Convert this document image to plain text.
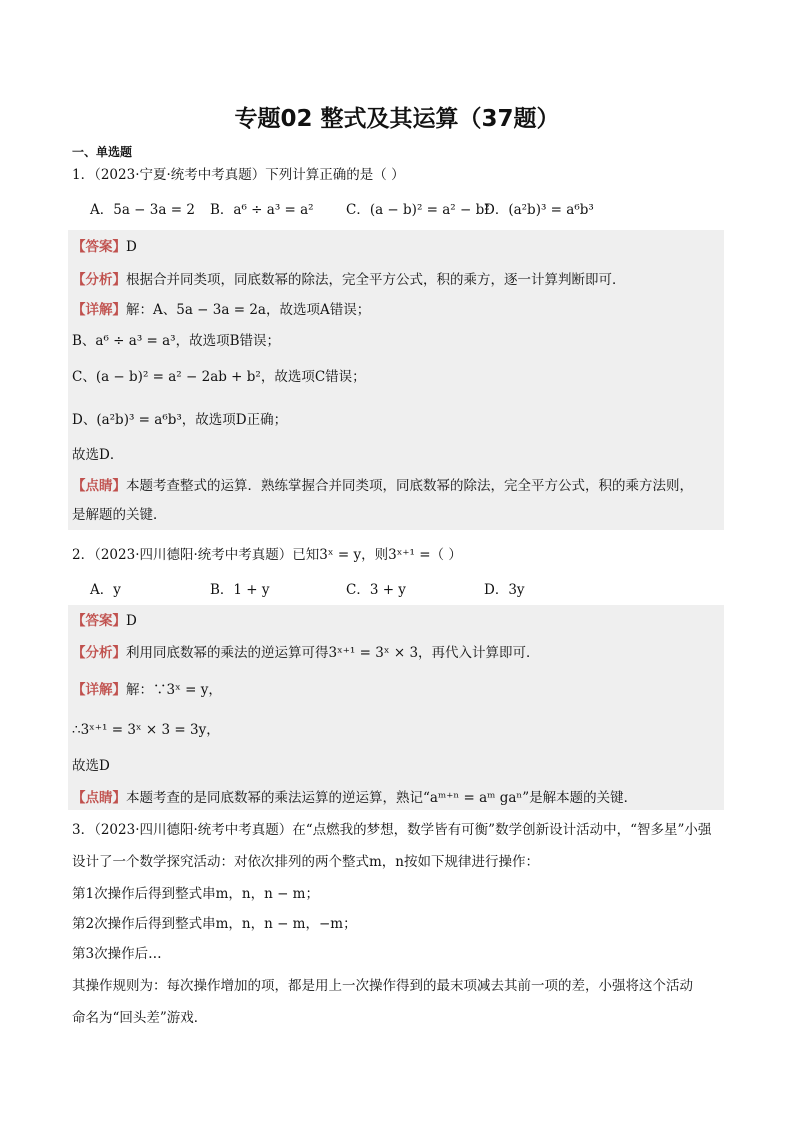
专题02 整式及其运算（37题）
一、单选题
1．（2023·宁夏·统考中考真题）下列计算正确的是（ ）
A．5a − 3a = 2 B．a⁶ ÷ a³ = a² C．(a − b)² = a² − b²
D．(a²b)³ = a⁶b³
【答案】D
【分析】根据合并同类项，同底数幂的除法，完全平方公式，积的乘方，逐一计算判断即可．
【详解】解：A、5a − 3a = 2a，故选项A错误；
B、a⁶ ÷ a³ = a³，故选项B错误；
C、(a − b)² = a² − 2ab + b²，故选项C错误；
D、(a²b)³ = a⁶b³，故选项D正确；
故选D．
【点睛】本题考查整式的运算．熟练掌握合并同类项，同底数幂的除法，完全平方公式，积的乘方法则，
是解题的关键．
2．（2023·四川德阳·统考中考真题）已知3ˣ = y，则3ˣ⁺¹ =（ ）
A．y	B．1 + y	C．3 + y	D．3y
【答案】D
【分析】利用同底数幂的乘法的逆运算可得3ˣ⁺¹ = 3ˣ × 3，再代入计算即可．
【详解】解：∵3ˣ = y，
∴3ˣ⁺¹ = 3ˣ × 3 = 3y，
故选D
【点睛】本题考查的是同底数幂的乘法运算的逆运算，熟记“aᵐ⁺ⁿ = aᵐ gaⁿ”是解本题的关键．
3．（2023·四川德阳·统考中考真题）在“点燃我的梦想，数学皆有可衡”数学创新设计活动中，“智多星”小强
设计了一个数学探究活动：对依次排列的两个整式m，n按如下规律进行操作：
第1次操作后得到整式串m，n，n − m；
第2次操作后得到整式串m，n，n − m，−m；
第3次操作后…
其操作规则为：每次操作增加的项，都是用上一次操作得到的最末项减去其前一项的差，小强将这个活动
命名为“回头差”游戏．
